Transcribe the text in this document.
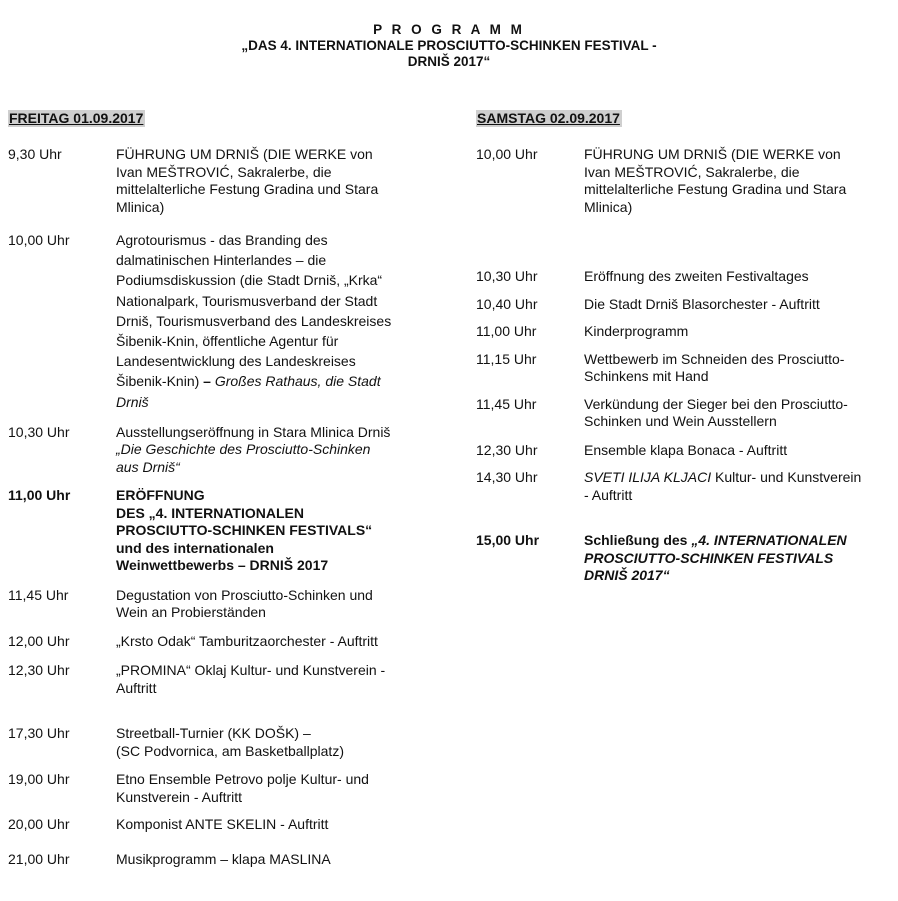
P R O G R A M M
„DAS 4. INTERNATIONALE PROSCIUTTO-SCHINKEN FESTIVAL -
DRNIŠ 2017“
FREITAG 01.09.2017
9,30 Uhr	FÜHRUNG UM DRNIŠ (DIE WERKE von
Ivan MEŠTROVIĆ, Sakralerbe, die
mittelalterliche Festung Gradina und Stara
Mlinica)
10,00 Uhr	Agrotourismus - das Branding des
dalmatinischen Hinterlandes – die
Podiumsdiskussion (die Stadt Drniš, „Krka“
Nationalpark, Tourismusverband der Stadt
Drniš, Tourismusverband des Landeskreises
Šibenik-Knin, öffentliche Agentur für
Landesentwicklung des Landeskreises
Šibenik-Knin) – Großes Rathaus, die Stadt
Drniš
10,30 Uhr	Ausstellungseröffnung in Stara Mlinica Drniš
„Die Geschichte des Prosciutto-Schinken
aus Drniš“
11,00 Uhr	ERÖFFNUNG
DES „4. INTERNATIONALEN
PROSCIUTTO-SCHINKEN FESTIVALS“
und des internationalen
Weinwettbewerbs – DRNIŠ 2017
11,45 Uhr	Degustation von Prosciutto-Schinken und
Wein an Probierständen
12,00 Uhr	„Krsto Odak“ Tamburitzaorchester - Auftritt
12,30 Uhr	„PROMINA“ Oklaj Kultur- und Kunstverein -
Auftritt
17,30 Uhr	Streetball-Turnier (KK DOŠK) –
(SC Podvornica, am Basketballplatz)
19,00 Uhr	Etno Ensemble Petrovo polje Kultur- und
Kunstverein - Auftritt
20,00 Uhr	Komponist ANTE SKELIN - Auftritt
21,00 Uhr	Musikprogramm – klapa MASLINA
SAMSTAG 02.09.2017
10,00 Uhr	FÜHRUNG UM DRNIŠ (DIE WERKE von
Ivan MEŠTROVIĆ, Sakralerbe, die
mittelalterliche Festung Gradina und Stara
Mlinica)
10,30 Uhr	Eröffnung des zweiten Festivaltages
10,40 Uhr	Die Stadt Drniš Blasorchester - Auftritt
11,00 Uhr	Kinderprogramm
11,15 Uhr	Wettbewerb im Schneiden des Prosciutto-
Schinkens mit Hand
11,45 Uhr	Verkündung der Sieger bei den Prosciutto-
Schinken und Wein Ausstellern
12,30 Uhr	Ensemble klapa Bonaca - Auftritt
14,30 Uhr	SVETI ILIJA KLJACI Kultur- und Kunstverein
- Auftritt
15,00 Uhr	Schließung des „4. INTERNATIONALEN
PROSCIUTTO-SCHINKEN FESTIVALS
DRNIŠ 2017“
